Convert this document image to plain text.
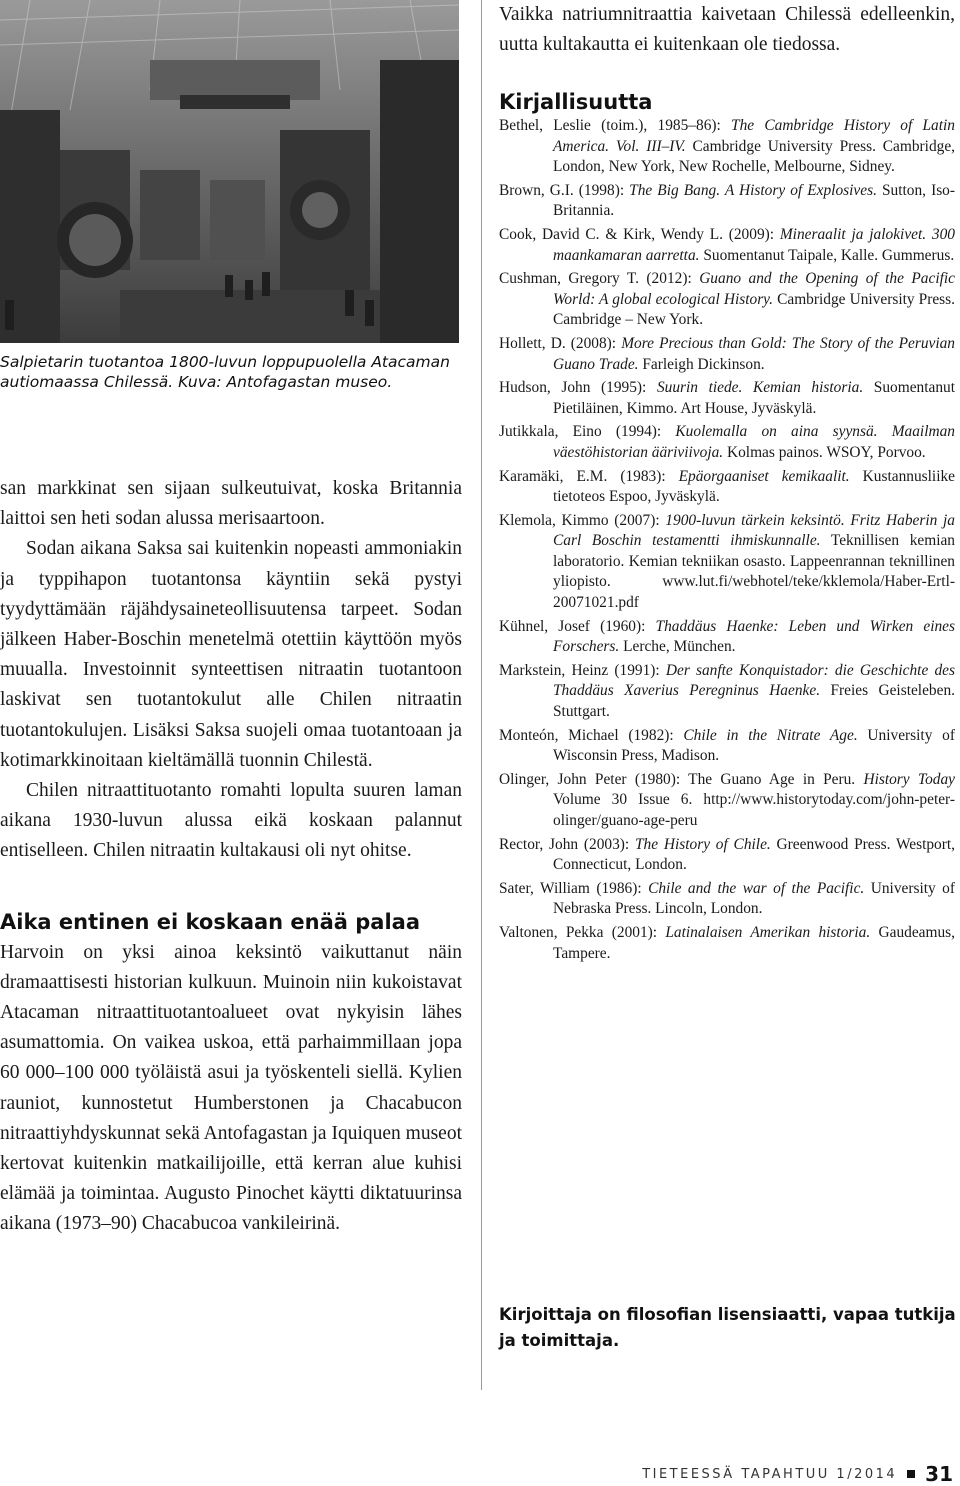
Salpietarin tuotantoa 1800-luvun loppupuolella Atacaman autiomaassa Chilessä. Kuva: Antofagastan museo.

san markkinat sen sijaan sulkeutuivat, koska Britannia laittoi sen heti sodan alussa merisaartoon.

Sodan aikana Saksa sai kuitenkin nopeasti ammoniakin ja typpihapon tuotantonsa käyntiin sekä pystyi tyydyttämään räjähdysaineteollisuutensa tarpeet. Sodan jälkeen Haber-Boschin menetelmä otettiin käyttöön myös muualla. Investoinnit synteettisen nitraatin tuotantoon laskivat sen tuotantokulut alle Chilen nitraatin tuotantokulujen. Lisäksi Saksa suojeli omaa tuotantoaan ja kotimarkkinoitaan kieltämällä tuonnin Chilestä.

Chilen nitraattituotanto romahti lopulta suuren laman aikana 1930-luvun alussa eikä koskaan palannut entiselleen. Chilen nitraatin kultakausi oli nyt ohitse.

Aika entinen ei koskaan enää palaa

Harvoin on yksi ainoa keksintö vaikuttanut näin dramaattisesti historian kulkuun. Muinoin niin kukoistavat Atacaman nitraattituotantoalueet ovat nykyisin lähes asumattomia. On vaikea uskoa, että parhaimmillaan jopa 60 000–100 000 työläistä asui ja työskenteli siellä. Kylien rauniot, kunnostetut Humberstonen ja Chacabucon nitraattiyhdyskunnat sekä Antofagastan ja Iquiquen museot kertovat kuitenkin matkailijoille, että kerran alue kuhisi elämää ja toimintaa. Augusto Pinochet käytti diktatuurinsa aikana (1973–90) Chacabucoa vankileirinä.

Vaikka natriumnitraattia kaivetaan Chilessä edelleenkin, uutta kultakautta ei kuitenkaan ole tiedossa.

Kirjallisuutta

Bethel, Leslie (toim.), 1985–86): The Cambridge History of Latin America. Vol. III–IV. Cambridge University Press. Cambridge, London, New York, New Rochelle, Melbourne, Sidney.

Brown, G.I. (1998): The Big Bang. A History of Explosives. Sutton, Iso-Britannia.

Cook, David C. & Kirk, Wendy L. (2009): Mineraalit ja jalokivet. 300 maankamaran aarretta. Suomentanut Taipale, Kalle. Gummerus.

Cushman, Gregory T. (2012): Guano and the Opening of the Pacific World: A global ecological History. Cambridge University Press. Cambridge – New York.

Hollett, D. (2008): More Precious than Gold: The Story of the Peruvian Guano Trade. Farleigh Dickinson.

Hudson, John (1995): Suurin tiede. Kemian historia. Suomentanut Pietiläinen, Kimmo. Art House, Jyväskylä.

Jutikkala, Eino (1994): Kuolemalla on aina syynsä. Maailman väestöhistorian ääriviivoja. Kolmas painos. WSOY, Porvoo.

Karamäki, E.M. (1983): Epäorgaaniset kemikaalit. Kustannusliike tietoteos Espoo, Jyväskylä.

Klemola, Kimmo (2007): 1900-luvun tärkein keksintö. Fritz Haberin ja Carl Boschin testamentti ihmiskunnalle. Teknillisen kemian laboratorio. Kemian tekniikan osasto. Lappeenrannan teknillinen yliopisto. www.lut.fi/webhotel/teke/kklemola/Haber-Ertl-20071021.pdf

Kühnel, Josef (1960): Thaddäus Haenke: Leben und Wirken eines Forschers. Lerche, München.

Markstein, Heinz (1991): Der sanfte Konquistador: die Geschichte des Thaddäus Xaverius Peregninus Haenke. Freies Geisteleben. Stuttgart.

Monteón, Michael (1982): Chile in the Nitrate Age. University of Wisconsin Press, Madison.

Olinger, John Peter (1980): The Guano Age in Peru. History Today Volume 30 Issue 6. http://www.historytoday.com/john-peter-olinger/guano-age-peru

Rector, John (2003): The History of Chile. Greenwood Press. Westport, Connecticut, London.

Sater, William (1986): Chile and the war of the Pacific. University of Nebraska Press. Lincoln, London.

Valtonen, Pekka (2001): Latinalaisen Amerikan historia. Gaudeamus, Tampere.

Kirjoittaja on filosofian lisensiaatti, vapaa tutkija ja toimittaja.
TIETEESSÄ TAPAHTUU 1/2014 31
